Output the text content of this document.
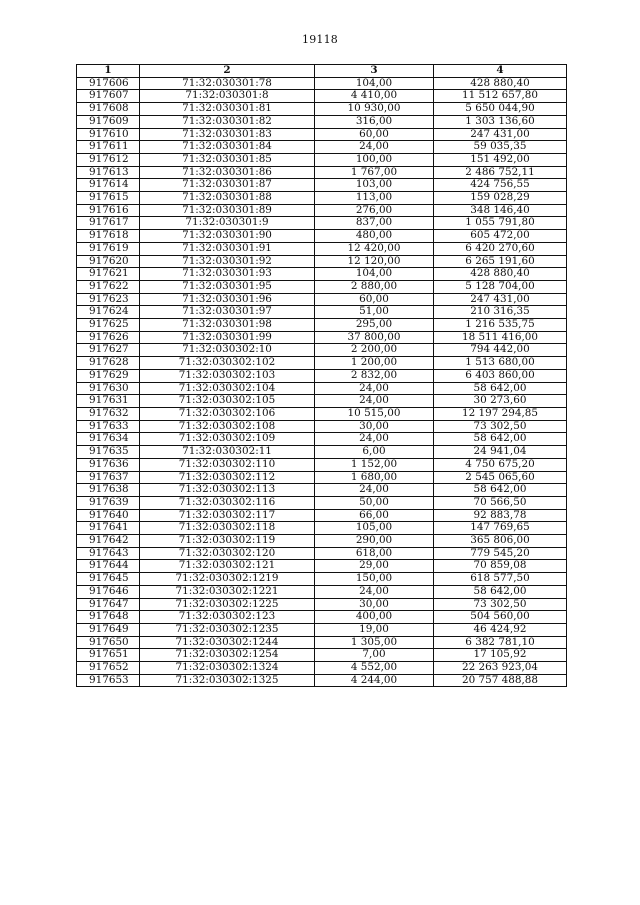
19118
1	2	3	4
917606	71:32:030301:78	104,00	428 880,40
917607	71:32:030301:8	4 410,00	11 512 657,80
917608	71:32:030301:81	10 930,00	5 650 044,90
917609	71:32:030301:82	316,00	1 303 136,60
917610	71:32:030301:83	60,00	247 431,00
917611	71:32:030301:84	24,00	59 035,35
917612	71:32:030301:85	100,00	151 492,00
917613	71:32:030301:86	1 767,00	2 486 752,11
917614	71:32:030301:87	103,00	424 756,55
917615	71:32:030301:88	113,00	159 028,29
917616	71:32:030301:89	276,00	348 146,40
917617	71:32:030301:9	837,00	1 055 791,80
917618	71:32:030301:90	480,00	605 472,00
917619	71:32:030301:91	12 420,00	6 420 270,60
917620	71:32:030301:92	12 120,00	6 265 191,60
917621	71:32:030301:93	104,00	428 880,40
917622	71:32:030301:95	2 880,00	5 128 704,00
917623	71:32:030301:96	60,00	247 431,00
917624	71:32:030301:97	51,00	210 316,35
917625	71:32:030301:98	295,00	1 216 535,75
917626	71:32:030301:99	37 800,00	18 511 416,00
917627	71:32:030302:10	2 200,00	794 442,00
917628	71:32:030302:102	1 200,00	1 513 680,00
917629	71:32:030302:103	2 832,00	6 403 860,00
917630	71:32:030302:104	24,00	58 642,00
917631	71:32:030302:105	24,00	30 273,60
917632	71:32:030302:106	10 515,00	12 197 294,85
917633	71:32:030302:108	30,00	73 302,50
917634	71:32:030302:109	24,00	58 642,00
917635	71:32:030302:11	6,00	24 941,04
917636	71:32:030302:110	1 152,00	4 750 675,20
917637	71:32:030302:112	1 680,00	2 545 065,60
917638	71:32:030302:113	24,00	58 642,00
917639	71:32:030302:116	50,00	70 566,50
917640	71:32:030302:117	66,00	92 883,78
917641	71:32:030302:118	105,00	147 769,65
917642	71:32:030302:119	290,00	365 806,00
917643	71:32:030302:120	618,00	779 545,20
917644	71:32:030302:121	29,00	70 859,08
917645	71:32:030302:1219	150,00	618 577,50
917646	71:32:030302:1221	24,00	58 642,00
917647	71:32:030302:1225	30,00	73 302,50
917648	71:32:030302:123	400,00	504 560,00
917649	71:32:030302:1235	19,00	46 424,92
917650	71:32:030302:1244	1 305,00	6 382 781,10
917651	71:32:030302:1254	7,00	17 105,92
917652	71:32:030302:1324	4 552,00	22 263 923,04
917653	71:32:030302:1325	4 244,00	20 757 488,88
